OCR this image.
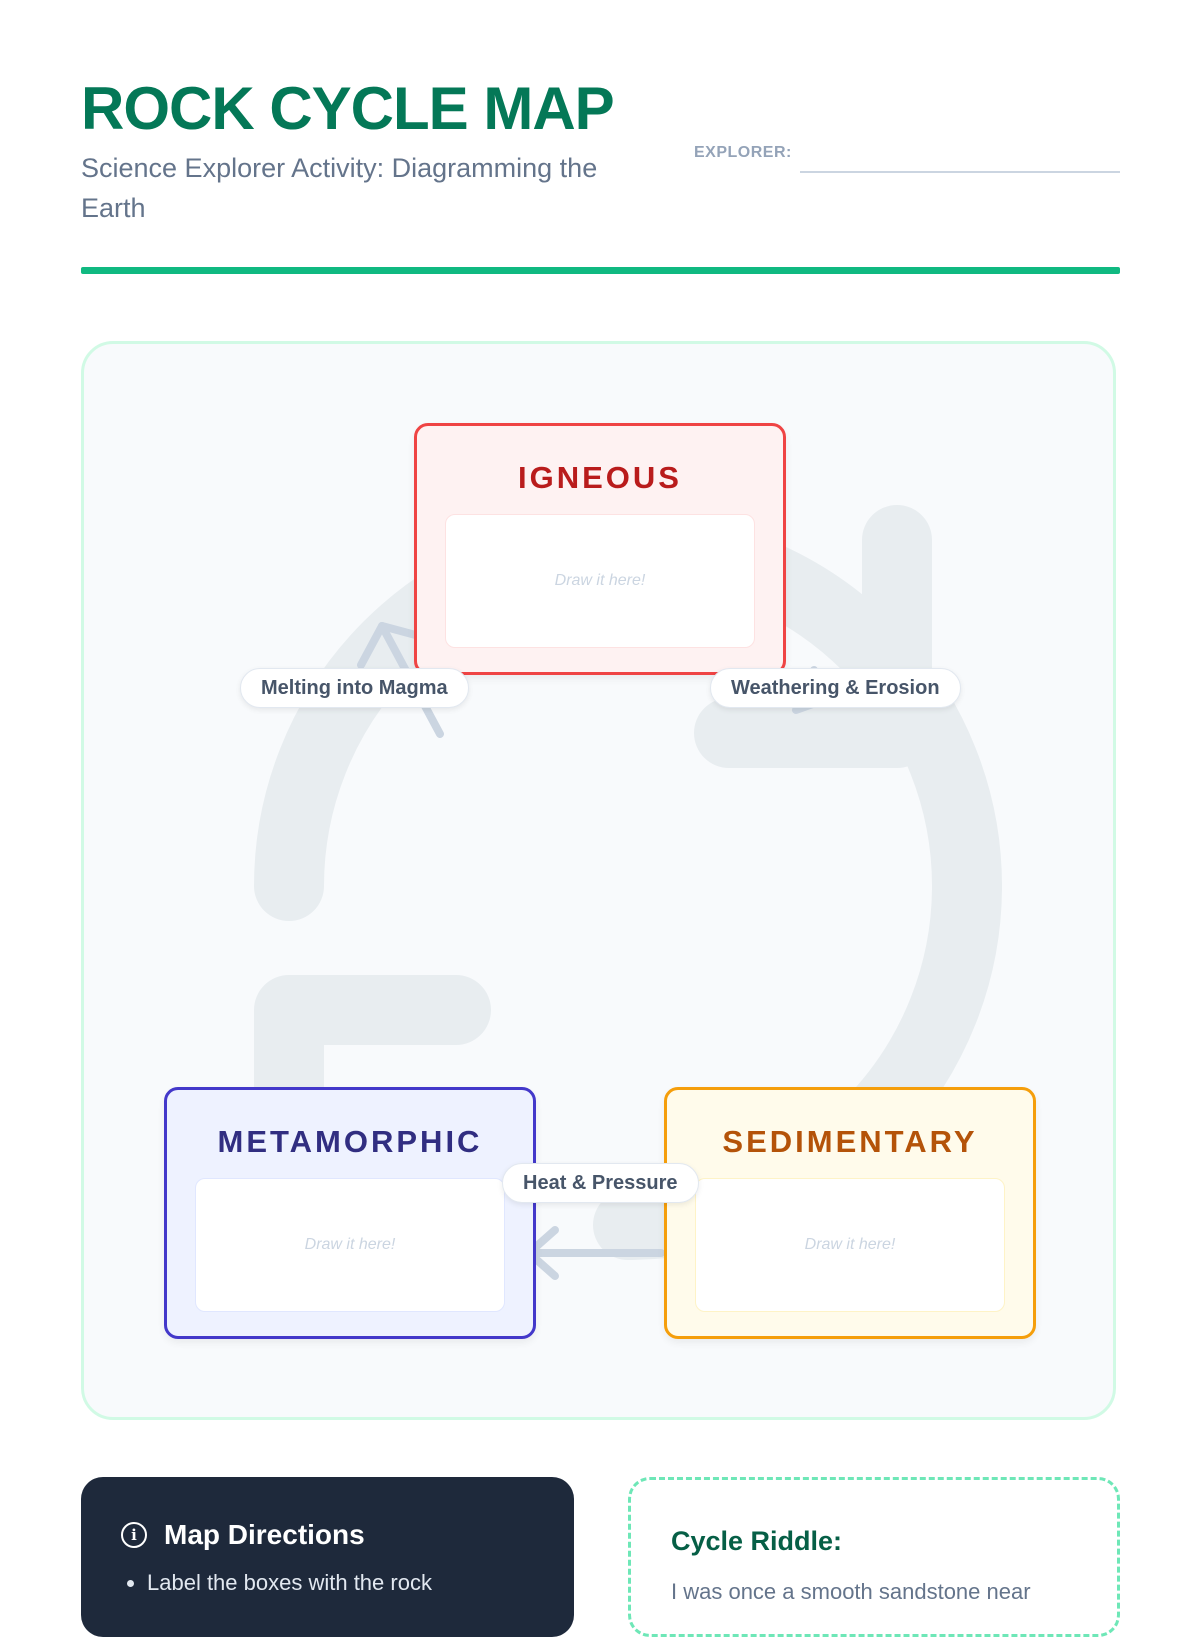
ROCK CYCLE MAP

Science Explorer Activity: Diagramming the Earth

EXPLORER:
IGNEOUS
Draw it here!
METAMORPHIC
Draw it here!
SEDIMENTARY
Draw it here!
Melting into Magma	Weathering & Erosion
Heat & Pressure
i Map Directions
• Label the boxes with the rock
Cycle Riddle:

I was once a smooth sandstone near
